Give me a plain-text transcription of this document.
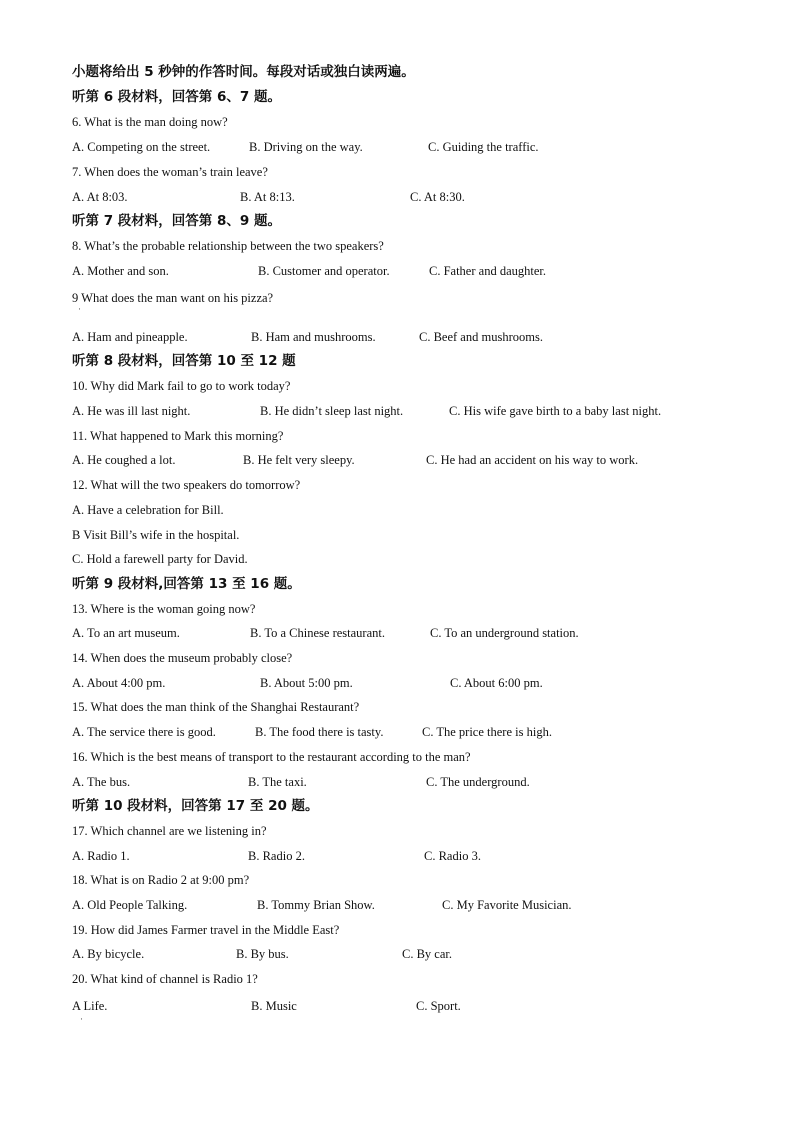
小题将给出 5 秒钟的作答时间。每段对话或独白读两遍。
听第 6 段材料，回答第 6、7 题。
6. What is the man doing now?
A. Competing on the street.	B. Driving on the way.	C. Guiding the traffic.
7. When does the woman’s train leave?
A. At 8:03.	B. At 8:13.	C. At 8:30.
听第 7 段材料，回答第 8、9 题。
8. What’s the probable relationship between the two speakers?
A. Mother and son.	B. Customer and operator.	C. Father and daughter.
9 What does the man want on his pizza?
·
A. Ham and pineapple.	B. Ham and mushrooms.	C. Beef and mushrooms.
听第 8 段材料，回答第 10 至 12 题
10. Why did Mark fail to go to work today?
A. He was ill last night.	B. He didn’t sleep last night.	C. His wife gave birth to a baby last night.
11. What happened to Mark this morning?
A. He coughed a lot.	B. He felt very sleepy.	C. He had an accident on his way to work.
12. What will the two speakers do tomorrow?
A. Have a celebration for Bill.
B Visit Bill’s wife in the hospital.
C. Hold a farewell party for David.
听第 9 段材料,回答第 13 至 16 题。
13. Where is the woman going now?
A. To an art museum.	B. To a Chinese restaurant.	C. To an underground station.
14. When does the museum probably close?
A. About 4:00 pm.	B. About 5:00 pm.	C. About 6:00 pm.
15. What does the man think of the Shanghai Restaurant?
A. The service there is good.	B. The food there is tasty.	C. The price there is high.
16. Which is the best means of transport to the restaurant according to the man?
A. The bus.	B. The taxi.	C. The underground.
听第 10 段材料，回答第 17 至 20 题。
17. Which channel are we listening in?
A. Radio 1.	B. Radio 2.	C. Radio 3.
18. What is on Radio 2 at 9:00 pm?
A. Old People Talking.	B. Tommy Brian Show.	C. My Favorite Musician.
19. How did James Farmer travel in the Middle East?
A. By bicycle.	B. By bus.	C. By car.
20. What kind of channel is Radio 1?
A Life.	B. Music	C. Sport.
·
